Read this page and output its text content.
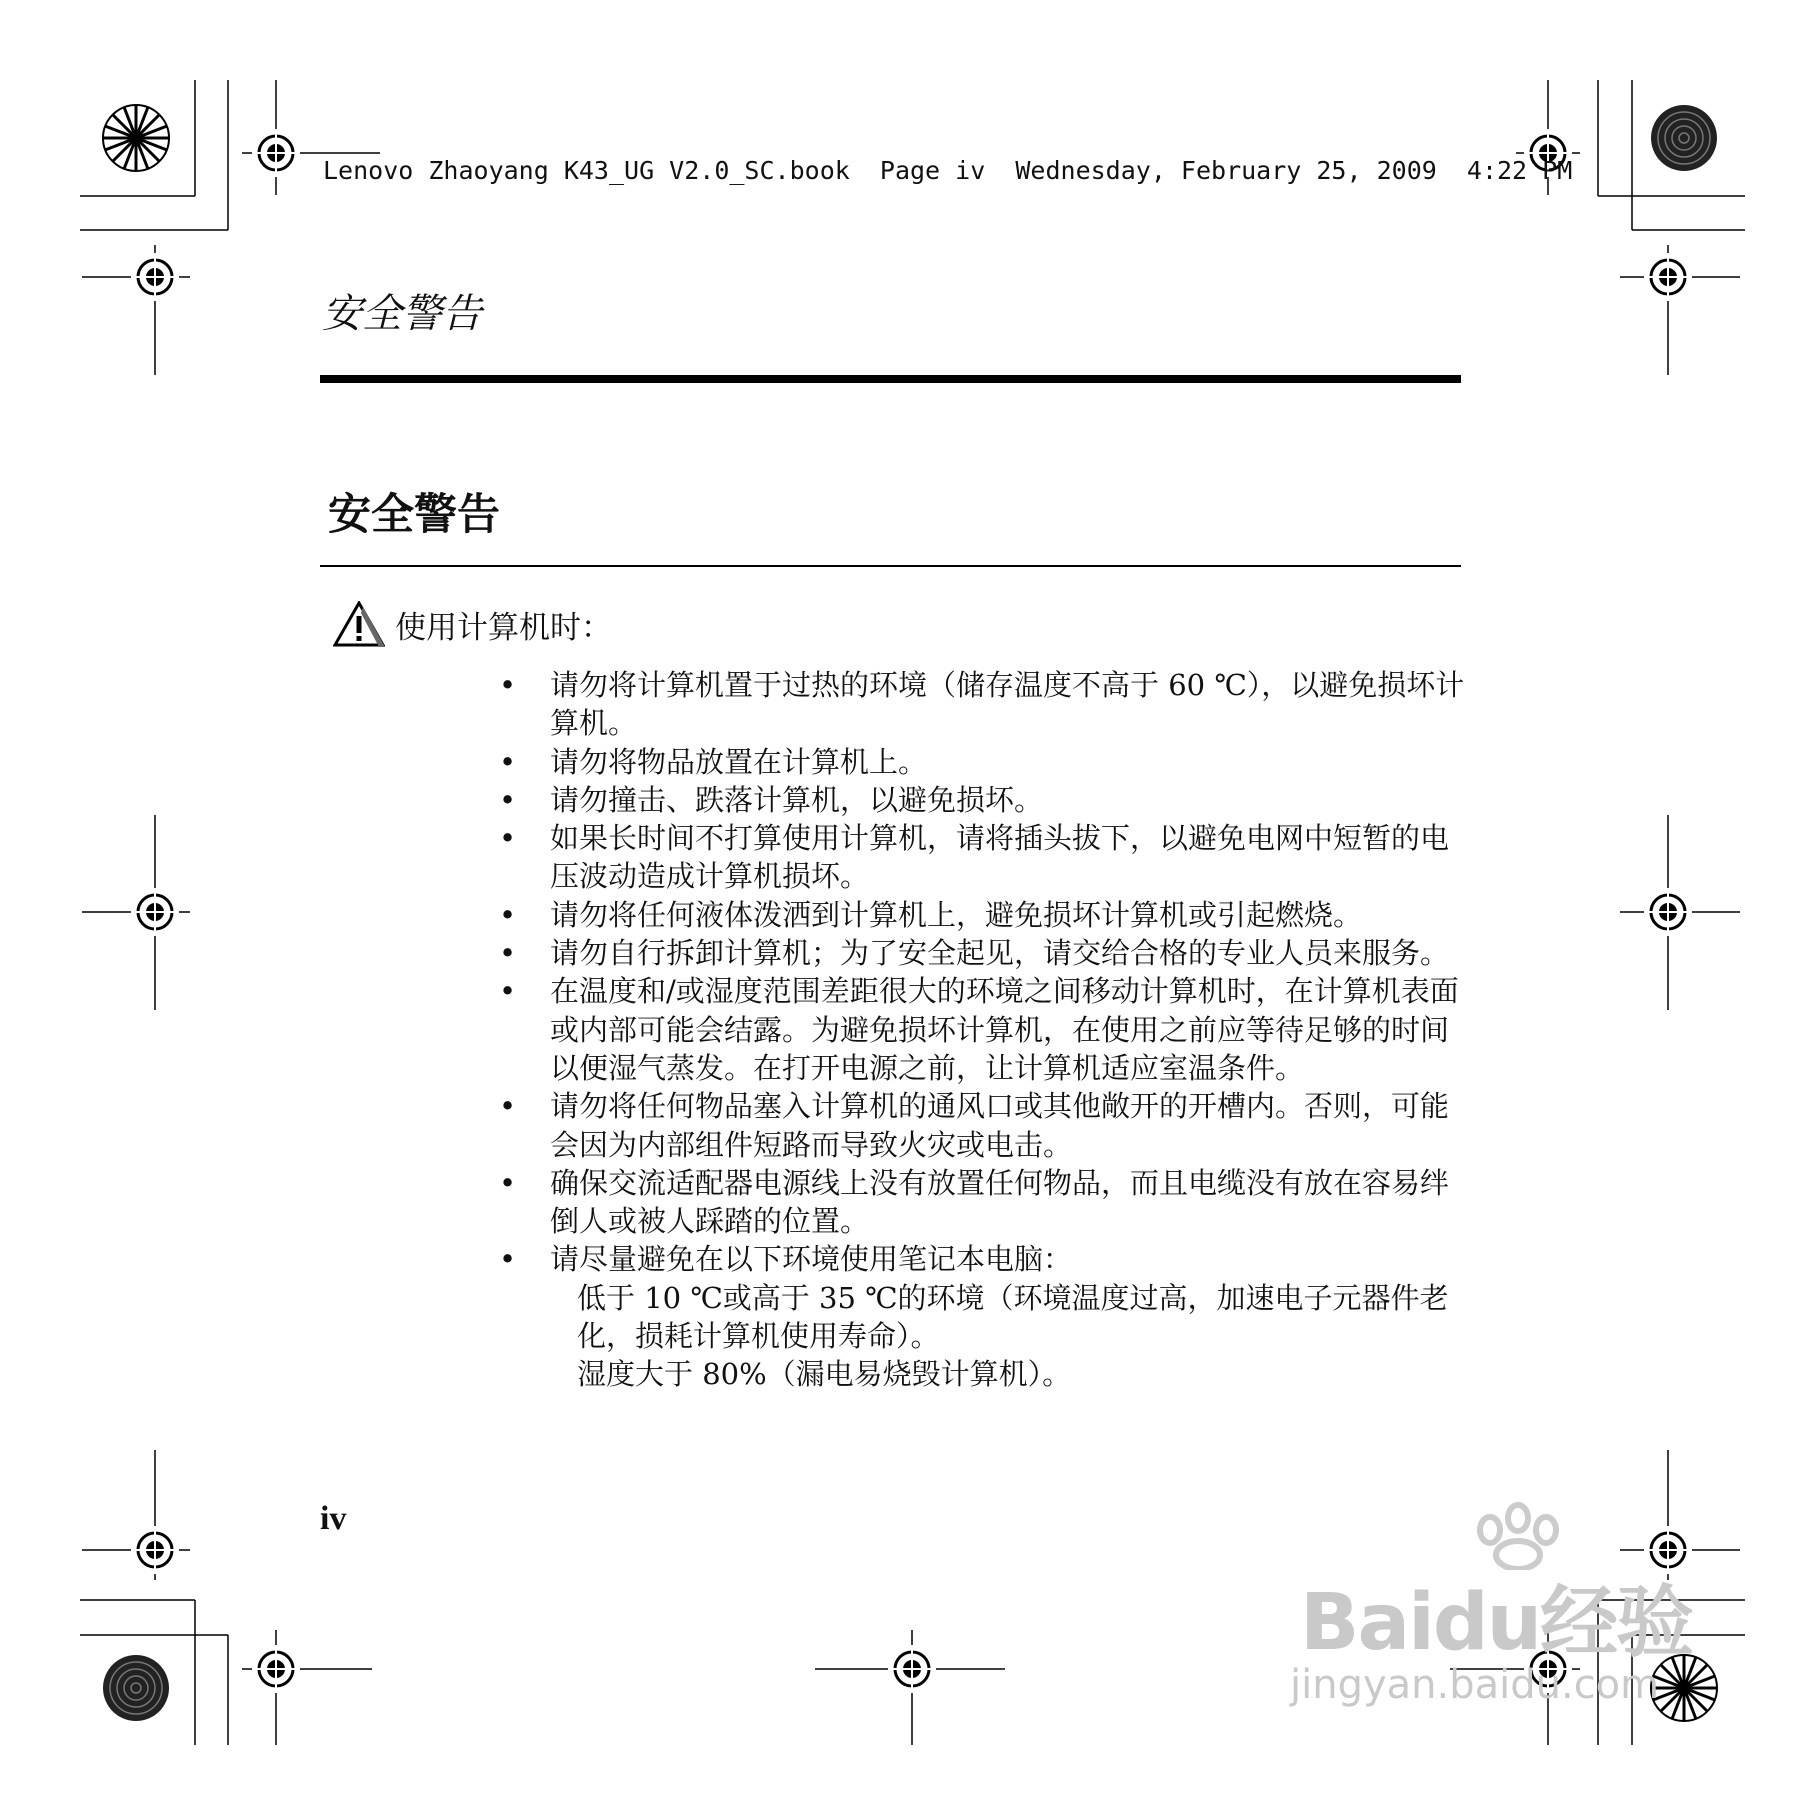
Lenovo Zhaoyang K43_UG V2.0_SC.book  Page iv  Wednesday, February 25, 2009  4:22 PM
安全警告
安全警告
使用计算机时：
• 请勿将计算机置于过热的环境（储存温度不高于 60 ℃），以避免损坏计算机。
• 请勿将物品放置在计算机上。
• 请勿撞击、跌落计算机，以避免损坏。
• 如果长时间不打算使用计算机，请将插头拔下，以避免电网中短暂的电压波动造成计算机损坏。
• 请勿将任何液体泼洒到计算机上，避免损坏计算机或引起燃烧。
• 请勿自行拆卸计算机；为了安全起见，请交给合格的专业人员来服务。
• 在温度和/或湿度范围差距很大的环境之间移动计算机时，在计算机表面或内部可能会结露。为避免损坏计算机，在使用之前应等待足够的时间以便湿气蒸发。在打开电源之前，让计算机适应室温条件。
• 请勿将任何物品塞入计算机的通风口或其他敞开的开槽内。否则，可能会因为内部组件短路而导致火灾或电击。
• 确保交流适配器电源线上没有放置任何物品，而且电缆没有放在容易绊倒人或被人踩踏的位置。
• 请尽量避免在以下环境使用笔记本电脑：
低于 10 ℃或高于 35 ℃的环境（环境温度过高，加速电子元器件老化，损耗计算机使用寿命）。
湿度大于 80%（漏电易烧毁计算机）。
iv
Baidu经验
jingyan.baidu.com
